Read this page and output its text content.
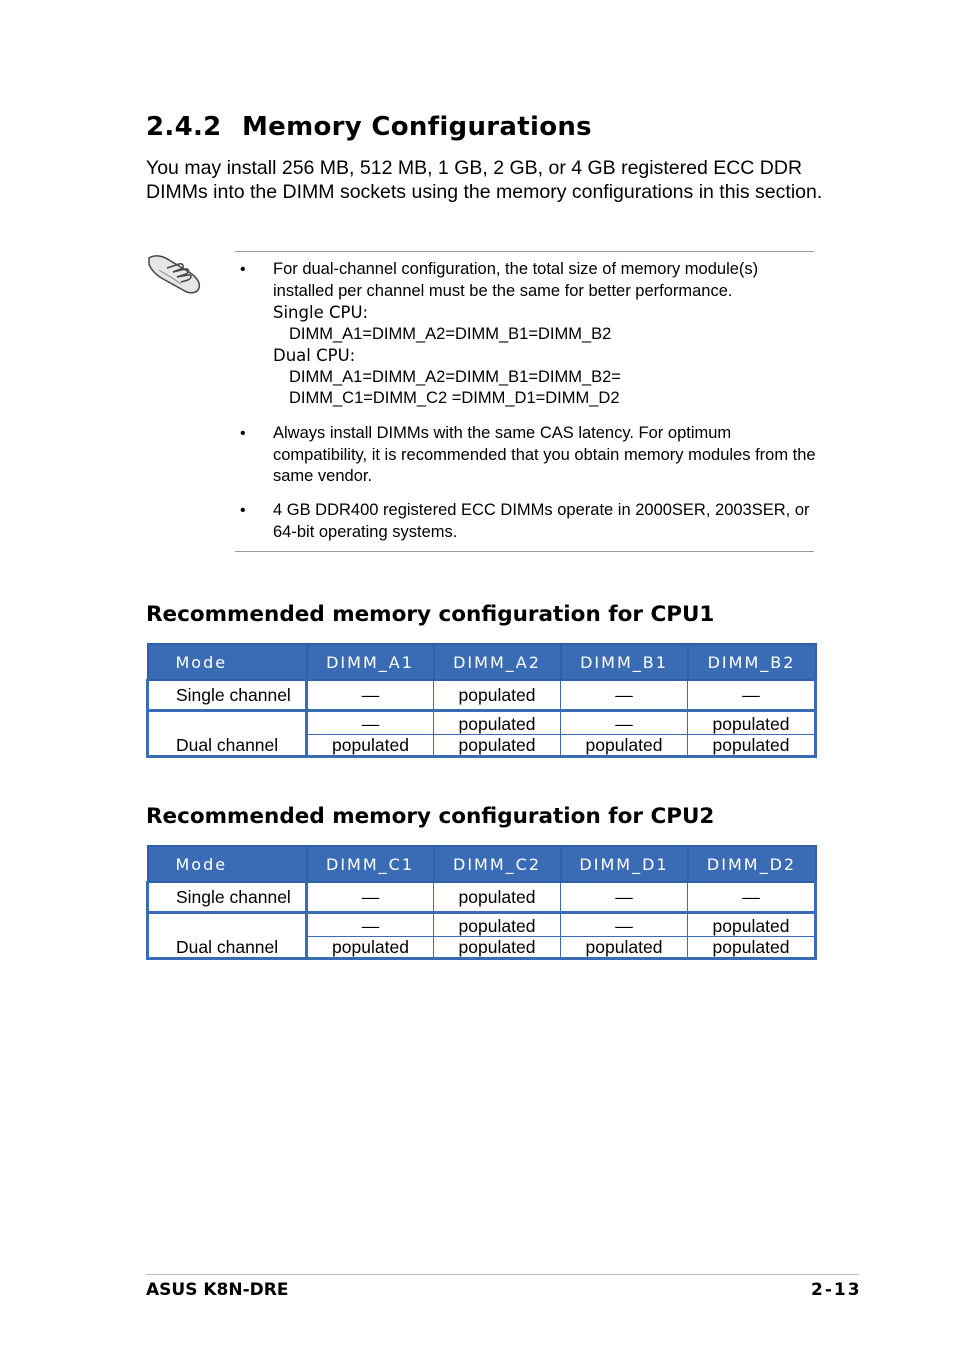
2.4.2 Memory Configurations
You may install 256 MB, 512 MB, 1 GB, 2 GB, or 4 GB registered ECC DDR DIMMs into the DIMM sockets using the memory configurations in this section.
• For dual-channel configuration, the total size of memory module(s) installed per channel must be the same for better performance.
Single CPU:
DIMM_A1=DIMM_A2=DIMM_B1=DIMM_B2
Dual CPU:
DIMM_A1=DIMM_A2=DIMM_B1=DIMM_B2=
DIMM_C1=DIMM_C2 =DIMM_D1=DIMM_D2
• Always install DIMMs with the same CAS latency. For optimum compatibility, it is recommended that you obtain memory modules from the same vendor.
• 4 GB DDR400 registered ECC DIMMs operate in 2000SER, 2003SER, or 64-bit operating systems.
Recommended memory configuration for CPU1
Mode	DIMM_A1	DIMM_A2	DIMM_B1	DIMM_B2
Single channel	—	populated	—	—
Dual channel	—	populated	—	populated
	populated	populated	populated	populated
Recommended memory configuration for CPU2
Mode	DIMM_C1	DIMM_C2	DIMM_D1	DIMM_D2
Single channel	—	populated	—	—
Dual channel	—	populated	—	populated
	populated	populated	populated	populated
ASUS K8N-DRE	2-13
